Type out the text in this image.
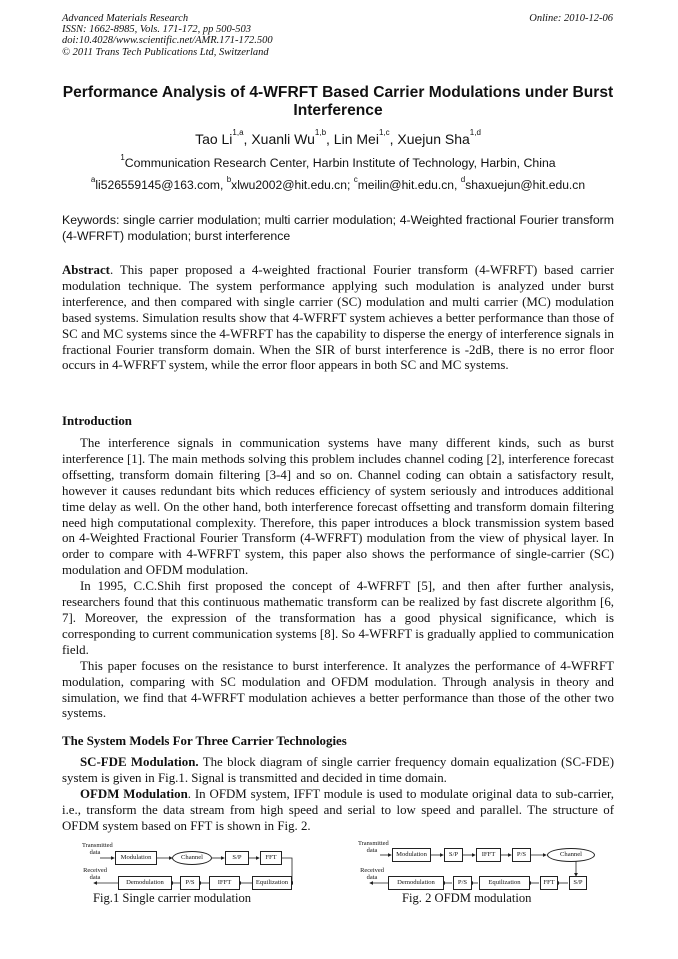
Advanced Materials Research
ISSN: 1662-8985, Vols. 171-172, pp 500-503
doi:10.4028/www.scientific.net/AMR.171-172.500
© 2011 Trans Tech Publications Ltd, Switzerland
Online: 2010-12-06
Performance Analysis of 4-WFRFT Based Carrier Modulations under Burst Interference
Tao Li$^{1,a}$, Xuanli Wu$^{1,b}$, Lin Mei$^{1,c}$, Xuejun Sha$^{1,d}$
$^1$Communication Research Center, Harbin Institute of Technology, Harbin, China
$^a$li526559145@163.com, $^b$xlwu2002@hit.edu.cn; $^c$meilin@hit.edu.cn, $^d$shaxuejun@hit.edu.cn
Keywords: single carrier modulation; multi carrier modulation; 4-Weighted fractional Fourier transform (4-WFRFT) modulation; burst interference

Abstract. This paper proposed a 4-weighted fractional Fourier transform (4-WFRFT) based carrier modulation technique. The system performance applying such modulation is analyzed under burst interference, and then compared with single carrier (SC) modulation and multi carrier (MC) modulation based systems. Simulation results show that 4-WFRFT system achieves a better performance than those of SC and MC systems since the 4-WFRFT has the capability to disperse the energy of interference signals in fractional Fourier transform domain. When the SIR of burst interference is -2dB, there is no error floor occurs in 4-WFRFT system, while the error floor appears in both SC and MC systems.

Introduction

The interference signals in communication systems have many different kinds, such as burst interference [1]. The main methods solving this problem includes channel coding [2], interference forecast offsetting, transform domain filtering [3-4] and so on. Channel coding can obtain a satisfactory result, however it causes redundant bits which reduces efficiency of system seriously and introduces additional time delay as well. On the other hand, both interference forecast offsetting and transform domain filtering need high computational complexity. Therefore, this paper introduces a block transmission system based on 4-Weighted Fractional Fourier Transform (4-WFRFT) modulation from the view of physical layer. In order to compare with 4-WFRFT system, this paper also shows the performance of single-carrier (SC) modulation and OFDM modulation.

In 1995, C.C.Shih first proposed the concept of 4-WFRFT [5], and then after further analysis, researchers found that this continuous mathematic transform can be realized by fast discrete algorithm [6, 7]. Moreover, the expression of the transformation has a good physical significance, which is corresponding to current communication systems [8]. So 4-WFRFT is gradually applied to communication field.

This paper focuses on the resistance to burst interference. It analyzes the performance of 4-WFRFT modulation, comparing with SC modulation and OFDM modulation. Through analysis in theory and simulation, we find that 4-WFRFT modulation achieves a better performance than those of the other two systems.

The System Models For Three Carrier Technologies

SC-FDE Modulation. The block diagram of single carrier frequency domain equalization (SC-FDE) system is given in Fig.1. Signal is transmitted and decided in time domain.

OFDM Modulation. In OFDM system, IFFT module is used to modulate original data to sub-carrier, i.e., transform the data stream from high speed and serial to low speed and parallel. The structure of OFDM system based on FFT is shown in Fig. 2.

Transmitted
data
Received
data
Modulation	Channel	S/P	FFT
Demodulation	P/S	IFFT	Equilization
Fig.1 Single carrier modulation
Transmitted
data
Received
data
Modulation	S/P	IFFT	P/S	Channel
Demodulation	P/S	Equilization	FFT	S/P
Fig. 2 OFDM modulation
